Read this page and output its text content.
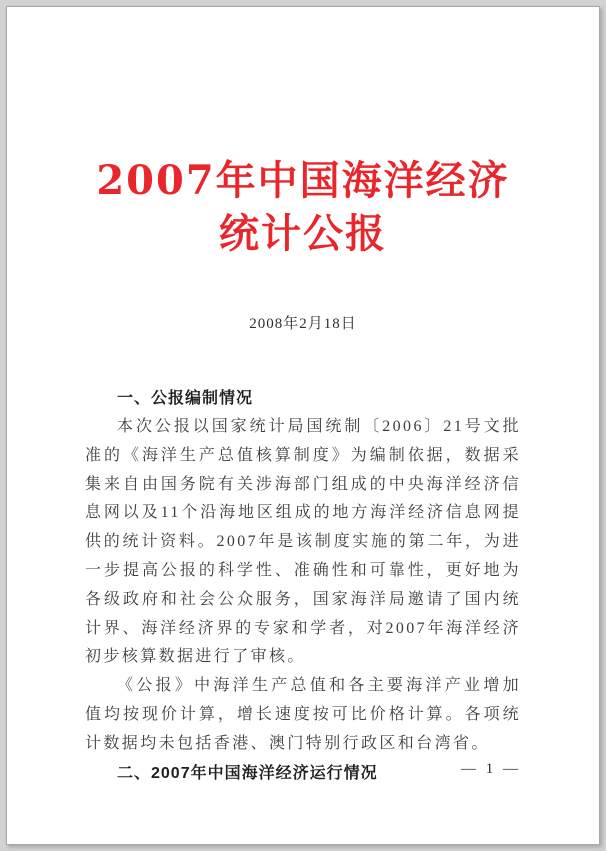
2007年中国海洋经济
统计公报
2008年2月18日
一、公报编制情况

本次公报以国家统计局国统制〔2006〕21号文批准的《海洋生产总值核算制度》为编制依据，数据采集来自由国务院有关涉海部门组成的中央海洋经济信息网以及11个沿海地区组成的地方海洋经济信息网提供的统计资料。2007年是该制度实施的第二年，为进一步提高公报的科学性、准确性和可靠性，更好地为各级政府和社会公众服务，国家海洋局邀请了国内统计界、海洋经济界的专家和学者，对2007年海洋经济初步核算数据进行了审核。

《公报》中海洋生产总值和各主要海洋产业增加值均按现价计算，增长速度按可比价格计算。各项统计数据均未包括香港、澳门特别行政区和台湾省。

二、2007年中国海洋经济运行情况	— 1 —
